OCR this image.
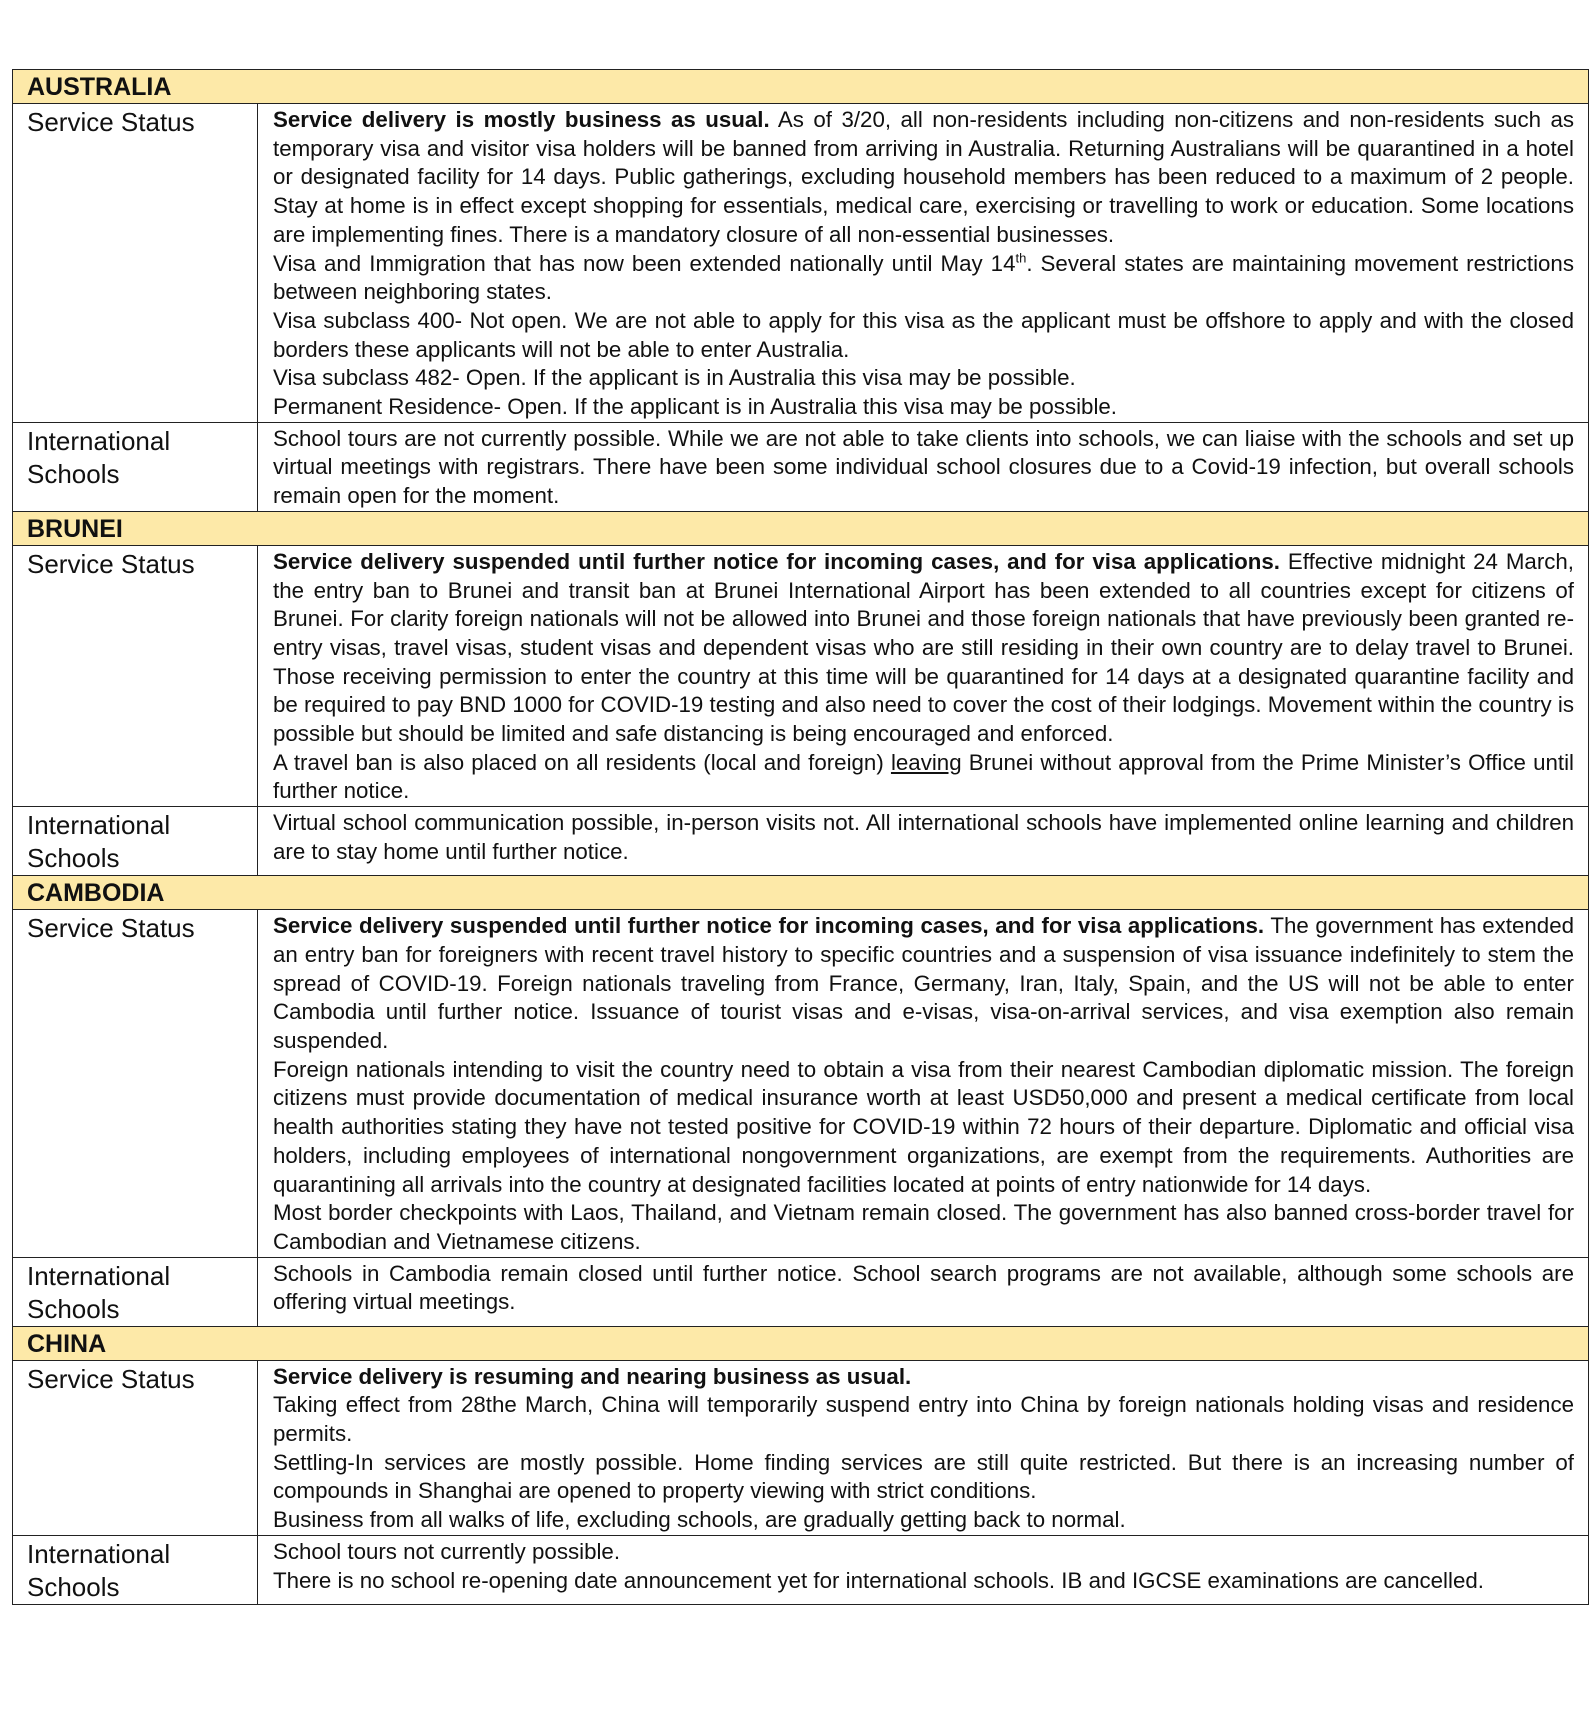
AUSTRALIA	
Service Status	Service delivery is mostly business as usual. As of 3/20, all non-residents including non-citizens and non-residents such as temporary visa and visitor visa holders will be banned from arriving in Australia. Returning Australians will be quarantined in a hotel or designated facility for 14 days. Public gatherings, excluding household members has been reduced to a maximum of 2 people. Stay at home is in effect except shopping for essentials, medical care, exercising or travelling to work or education. Some locations are implementing fines. There is a mandatory closure of all non-essential businesses.

Visa and Immigration that has now been extended nationally until May 14th. Several states are maintaining movement restrictions between neighboring states.

Visa subclass 400- Not open. We are not able to apply for this visa as the applicant must be offshore to apply and with the closed borders these applicants will not be able to enter Australia.

Visa subclass 482- Open. If the applicant is in Australia this visa may be possible.

Permanent Residence- Open. If the applicant is in Australia this visa may be possible.

International Schools	School tours are not currently possible. While we are not able to take clients into schools, we can liaise with the schools and set up virtual meetings with registrars. There have been some individual school closures due to a Covid-19 infection, but overall schools remain open for the moment.

BRUNEI	
Service Status	Service delivery suspended until further notice for incoming cases, and for visa applications. Effective midnight 24 March, the entry ban to Brunei and transit ban at Brunei International Airport has been extended to all countries except for citizens of Brunei. For clarity foreign nationals will not be allowed into Brunei and those foreign nationals that have previously been granted re-entry visas, travel visas, student visas and dependent visas who are still residing in their own country are to delay travel to Brunei. Those receiving permission to enter the country at this time will be quarantined for 14 days at a designated quarantine facility and be required to pay BND 1000 for COVID-19 testing and also need to cover the cost of their lodgings. Movement within the country is possible but should be limited and safe distancing is being encouraged and enforced.

A travel ban is also placed on all residents (local and foreign) leaving Brunei without approval from the Prime Minister’s Office until further notice.

International Schools	Virtual school communication possible, in-person visits not. All international schools have implemented online learning and children are to stay home until further notice.

CAMBODIA	
Service Status	Service delivery suspended until further notice for incoming cases, and for visa applications. The government has extended an entry ban for foreigners with recent travel history to specific countries and a suspension of visa issuance indefinitely to stem the spread of COVID-19. Foreign nationals traveling from France, Germany, Iran, Italy, Spain, and the US will not be able to enter Cambodia until further notice. Issuance of tourist visas and e-visas, visa-on-arrival services, and visa exemption also remain suspended.

Foreign nationals intending to visit the country need to obtain a visa from their nearest Cambodian diplomatic mission. The foreign citizens must provide documentation of medical insurance worth at least USD50,000 and present a medical certificate from local health authorities stating they have not tested positive for COVID-19 within 72 hours of their departure. Diplomatic and official visa holders, including employees of international nongovernment organizations, are exempt from the requirements. Authorities are quarantining all arrivals into the country at designated facilities located at points of entry nationwide for 14 days.

Most border checkpoints with Laos, Thailand, and Vietnam remain closed. The government has also banned cross-border travel for Cambodian and Vietnamese citizens.

International Schools	Schools in Cambodia remain closed until further notice. School search programs are not available, although some schools are offering virtual meetings.

CHINA	
Service Status	Service delivery is resuming and nearing business as usual.

Taking effect from 28the March, China will temporarily suspend entry into China by foreign nationals holding visas and residence permits.

Settling-In services are mostly possible. Home finding services are still quite restricted. But there is an increasing number of compounds in Shanghai are opened to property viewing with strict conditions.

Business from all walks of life, excluding schools, are gradually getting back to normal.

International Schools	School tours not currently possible.

There is no school re-opening date announcement yet for international schools. IB and IGCSE examinations are cancelled.
